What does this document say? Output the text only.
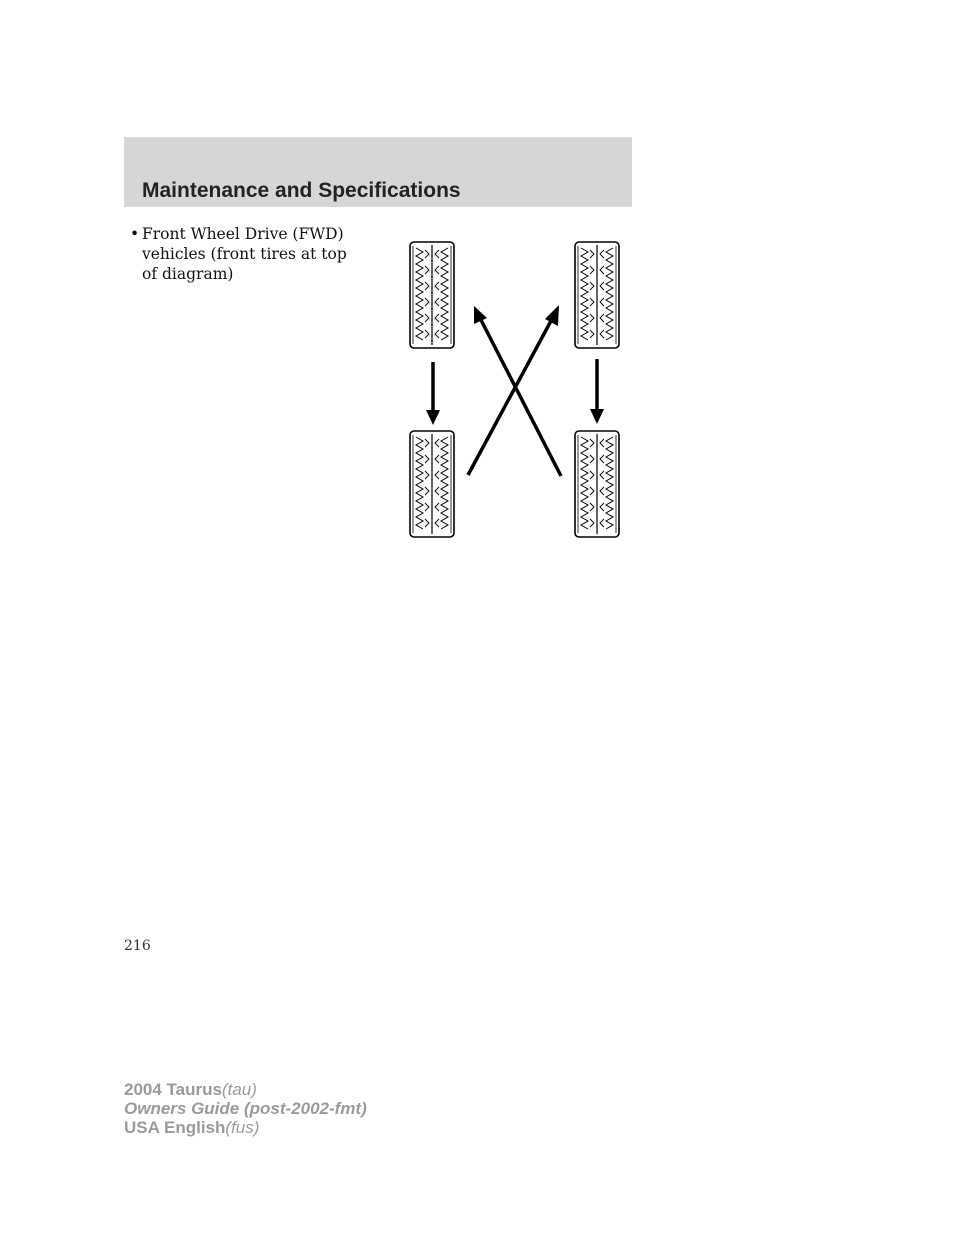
Maintenance and Specifications
• Front Wheel Drive (FWD) vehicles (front tires at top of diagram)
216
2004 Taurus(tau)
Owners Guide (post-2002-fmt)
USA English(fus)
